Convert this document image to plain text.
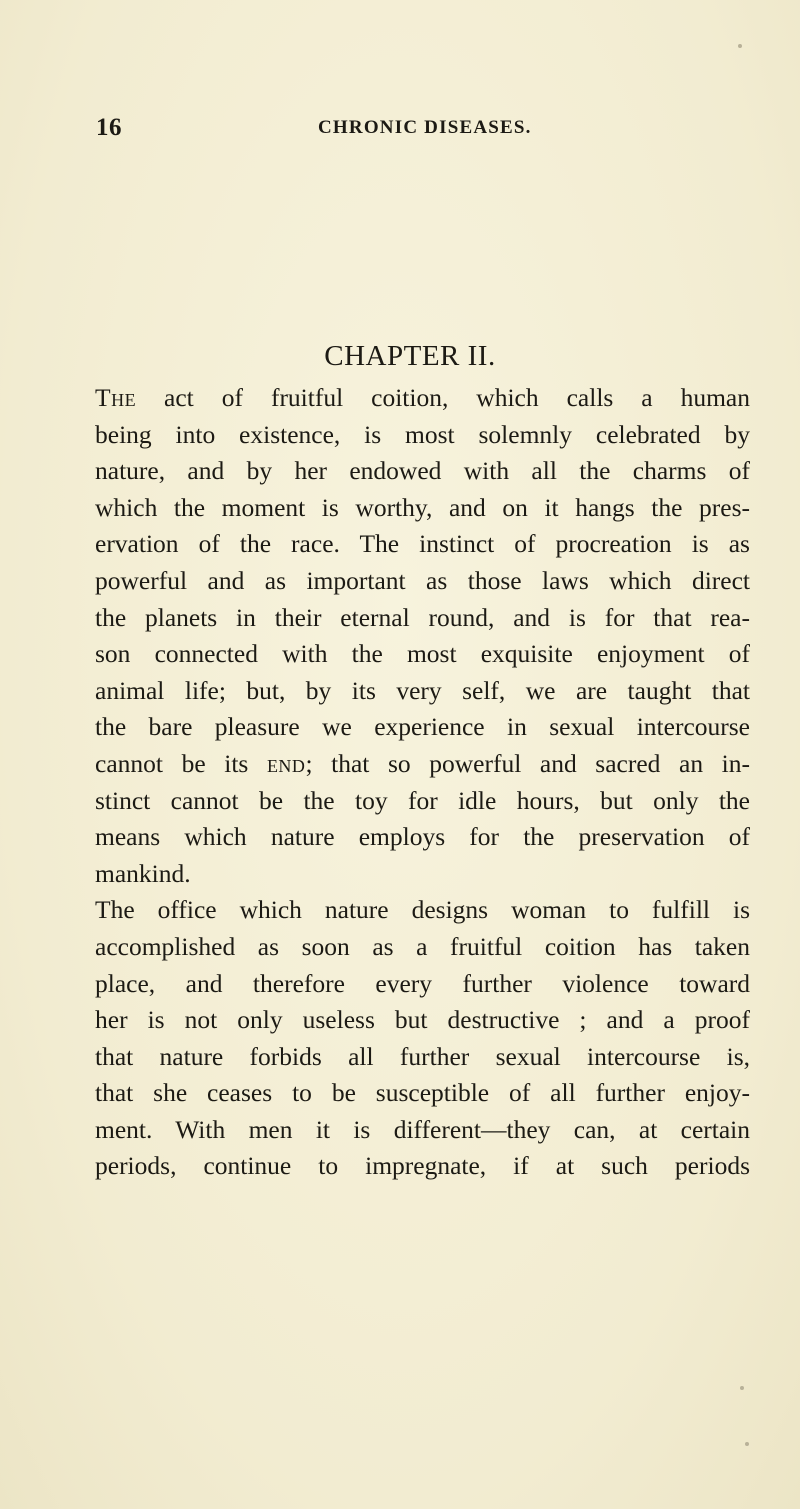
16	CHRONIC DISEASES.
CHAPTER II.
The act of fruitful coition, which calls a human
being into existence, is most solemnly celebrated by
nature, and by her endowed with all the charms of
which the moment is worthy, and on it hangs the pres-
ervation of the race. The instinct of procreation is as
powerful and as important as those laws which direct
the planets in their eternal round, and is for that rea-
son connected with the most exquisite enjoyment of
animal life; but, by its very self, we are taught that
the bare pleasure we experience in sexual intercourse
cannot be its end; that so powerful and sacred an in-
stinct cannot be the toy for idle hours, but only the
means which nature employs for the preservation of
mankind.
The office which nature designs woman to fulfill is
accomplished as soon as a fruitful coition has taken
place, and therefore every further violence toward
her is not only useless but destructive ; and a proof
that nature forbids all further sexual intercourse is,
that she ceases to be susceptible of all further enjoy-
ment. With men it is different—they can, at certain
periods, continue to impregnate, if at such periods
